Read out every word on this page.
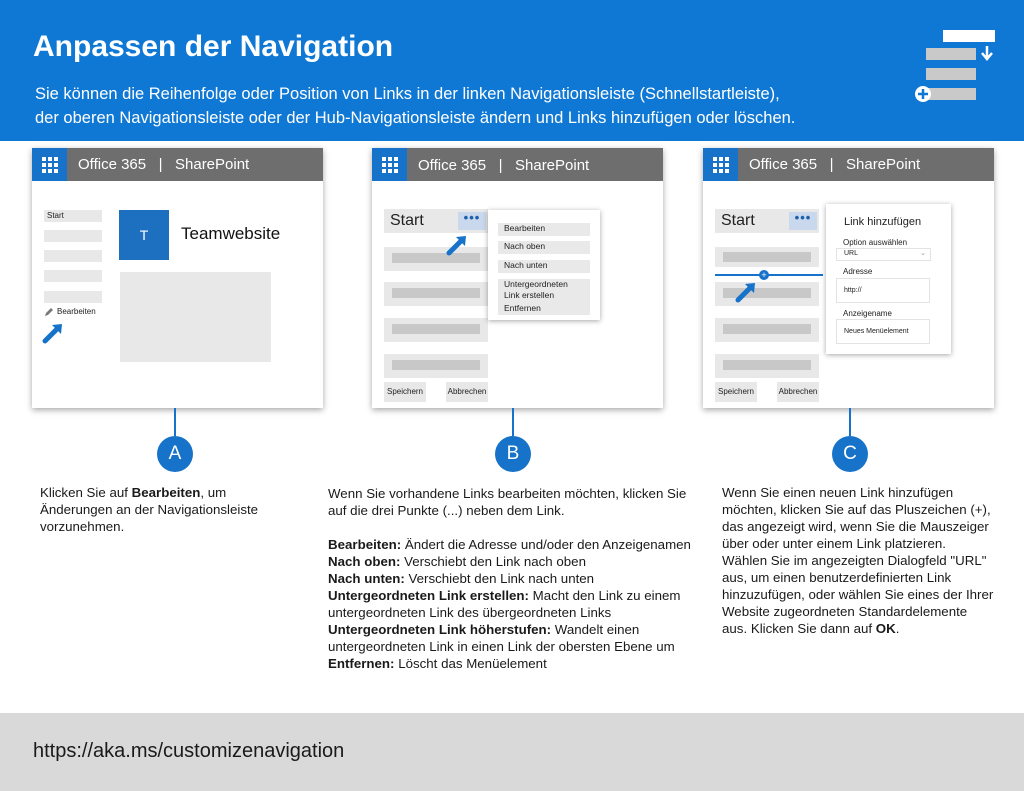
Anpassen der Navigation
Sie können die Reihenfolge oder Position von Links in der linken Navigationsleiste (Schnellstartleiste),
der oberen Navigationsleiste oder der Hub-Navigationsleiste ändern und Links hinzufügen oder löschen.
Office 365   |   SharePoint
Start
Bearbeiten
T	Teamwebsite
Office 365   |   SharePoint
Start	•••
Bearbeiten
Nach oben
Nach unten
Untergeordneten
Link erstellen
Entfernen
Speichern	Abbrechen
Office 365   |   SharePoint
Start	•••
+
Link hinzufügen
Option auswählen
URL	⌄
Adresse
http://
Anzeigename
Neues Menüelement
Speichern	Abbrechen
A	B	C
Klicken Sie auf Bearbeiten, um Änderungen an der Navigationsleiste vorzunehmen.

Wenn Sie vorhandene Links bearbeiten möchten, klicken Sie auf die drei Punkte (...) neben dem Link.

Bearbeiten: Ändert die Adresse und/oder den Anzeigenamen

Nach oben: Verschiebt den Link nach oben

Nach unten: Verschiebt den Link nach unten

Untergeordneten Link erstellen: Macht den Link zu einem untergeordneten Link des übergeordneten Links

Untergeordneten Link höherstufen: Wandelt einen untergeordneten Link in einen Link der obersten Ebene um

Entfernen: Löscht das Menüelement

Wenn Sie einen neuen Link hinzufügen möchten, klicken Sie auf das Pluszeichen (+), das angezeigt wird, wenn Sie die Mauszeiger über oder unter einem Link platzieren. Wählen Sie im angezeigten Dialogfeld "URL" aus, um einen benutzerdefinierten Link hinzuzufügen, oder wählen Sie eines der Ihrer Website zugeordneten Standardelemente aus. Klicken Sie dann auf OK.
https://aka.ms/customizenavigation
